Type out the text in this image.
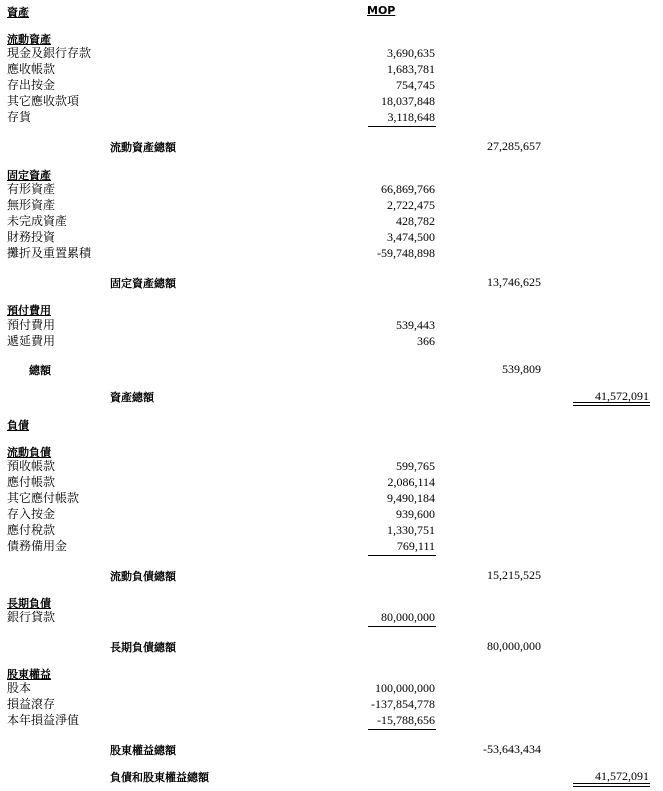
資產	MOP
流動資產
現金及銀行存款	3,690,635
應收帳款	1,683,781
存出按金	754,745
其它應收款項	18,037,848
存貨	3,118,648
流動資產總額	27,285,657
固定資產
有形資產	66,869,766
無形資產	2,722,475
未完成資產	428,782
財務投資	3,474,500
攤折及重置累積	-59,748,898
固定資產總額	13,746,625
預付費用
預付費用	539,443
遞延費用	366
總額	539,809
資產總額	41,572,091
負債
流動負債
預收帳款	599,765
應付帳款	2,086,114
其它應付帳款	9,490,184
存入按金	939,600
應付稅款	1,330,751
債務備用金	769,111
流動負債總額	15,215,525
長期負債
銀行貸款	80,000,000
長期負債總額	80,000,000
股東權益
股本	100,000,000
損益滾存	-137,854,778
本年損益淨值	-15,788,656
股東權益總額	-53,643,434
負債和股東權益總額	41,572,091
